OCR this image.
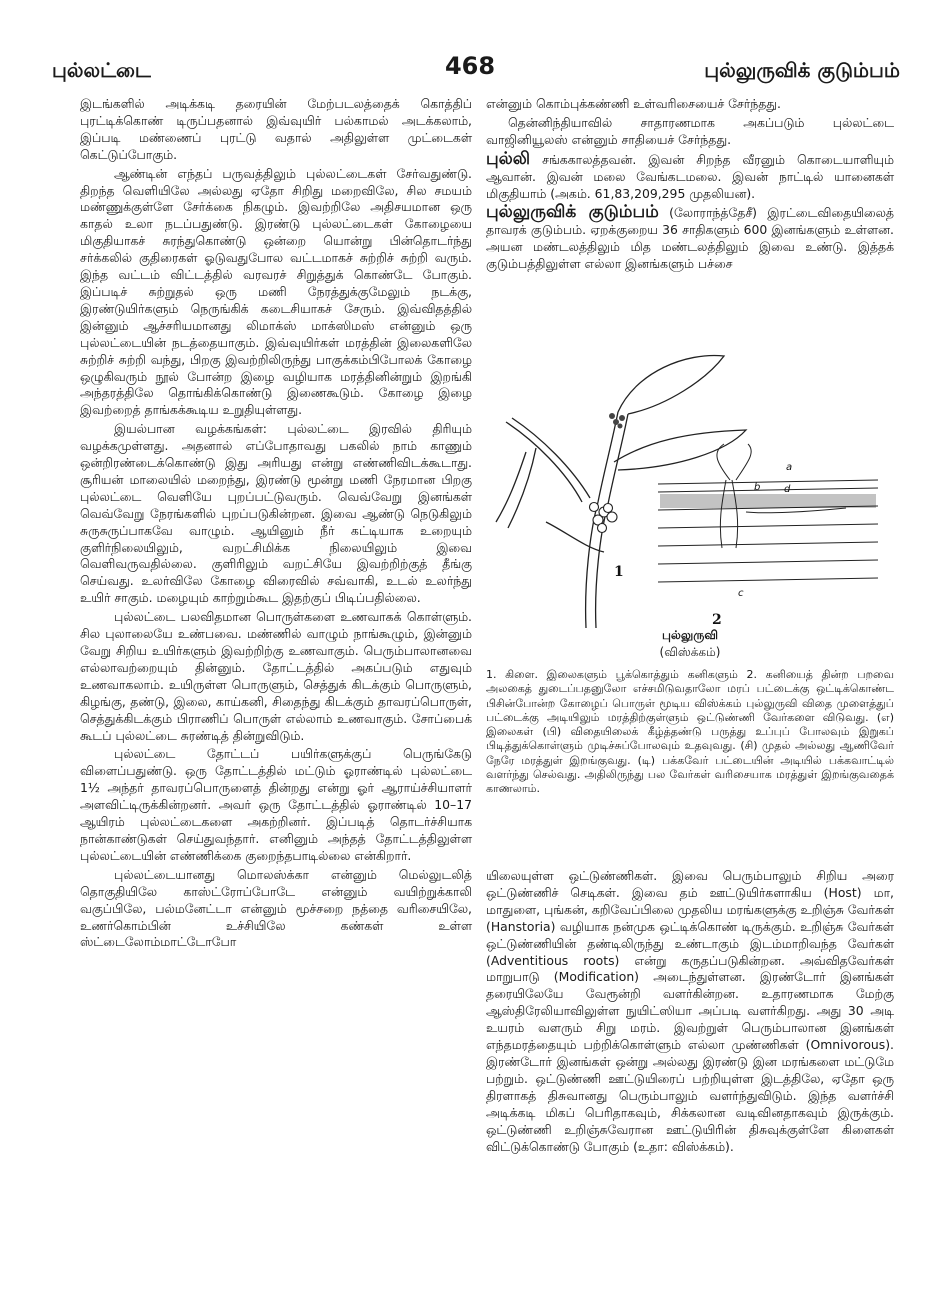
புல்லட்டை	468	புல்லுருவிக் குடும்பம்

இடங்களில் அடிக்கடி தரையின் மேற்படலத்தைக் கொத்திப் புரட்டிக்கொண் டிருப்பதனால் இவ்வுயிர் பல்காமல் அடக்கலாம், இப்படி மண்ணைப் புரட்டு வதால் அதிலுள்ள முட்டைகள் கெட்டுப்போகும்.

ஆண்டின் எந்தப் பருவத்திலும் புல்லட்டைகள் சேர்வதுண்டு. திறந்த வெளியிலே அல்லது ஏதோ சிறிது மறைவிலே, சில சமயம் மண்ணுக்குள்ளே சேர்க்கை நிகழும். இவற்றிலே அதிசயமான ஒரு காதல் உலா நடப்பதுண்டு. இரண்டு புல்லட்டைகள் கோழையை மிகுதியாகச் சுரந்துகொண்டு ஒன்றை யொன்று பின்தொடர்ந்து சர்க்கலில் குதிரைகள் ஓடுவதுபோல வட்டமாகச் சுற்றிச் சுற்றி வரும். இந்த வட்டம் விட்டத்தில் வரவரச் சிறுத்துக் கொண்டே போகும். இப்படிச் சுற்றுதல் ஒரு மணி நேரத்துக்குமேலும் நடக்கு, இரண்டுயிர்களும் நெருங்கிக் கடைசியாகச் சேரும். இவ்விதத்தில் இன்னும் ஆச்சரியமானது லிமாக்ஸ் மாக்ஸிமஸ் என்னும் ஒரு புல்லட்டையின் நடத்தையாகும். இவ்வுயிர்கள் மரத்தின் இலைகளிலே சுற்றிச் சுற்றி வந்து, பிறகு இவற்றிலிருந்து பாகுக்கம்பிபோலக் கோழை ஒழுகிவரும் நூல் போன்ற இழை வழியாக மரத்தினின்றும் இறங்கி அந்தரத்திலே தொங்கிக்கொண்டு இணைகூடும். கோழை இழை இவற்றைத் தாங்கக்கூடிய உறுதியுள்ளது.

இயல்பான வழக்கங்கள்: புல்லட்டை இரவில் திரியும் வழக்கமுள்ளது. அதனால் எப்போதாவது பகலில் நாம் காணும் ஒன்றிரண்டைக்கொண்டு இது அரியது என்று எண்ணிவிடக்கூடாது. சூரியன் மாலையில் மறைந்து, இரண்டு மூன்று மணி நேரமான பிறகு புல்லட்டை வெளியே புறப்பட்டுவரும். வெவ்வேறு இனங்கள் வெவ்வேறு நேரங்களில் புறப்படுகின்றன. இவை ஆண்டு நெடுகிலும் சுருசுருப்பாகவே வாழும். ஆயினும் நீர் கட்டியாக உறையும் குளிர்நிலையிலும், வறட்சிமிக்க நிலையிலும் இவை வெளிவருவதில்லை. குளிரிலும் வறட்சியே இவற்றிற்குத் தீங்கு செய்வது. உலர்விலே கோழை விரைவில் சவ்வாகி, உடல் உலர்ந்து உயிர் சாகும். மழையும் காற்றும்கூட இதற்குப் பிடிப்பதில்லை.

புல்லட்டை பலவிதமான பொருள்களை உணவாகக் கொள்ளும். சில புலாலையே உண்பவை. மண்ணில் வாழும் நாங்கூழும், இன்னும் வேறு சிறிய உயிர்களும் இவற்றிற்கு உணவாகும். பெரும்பாலானவை எல்லாவற்றையும் தின்னும். தோட்டத்தில் அகப்படும் எதுவும் உணவாகலாம். உயிருள்ள பொருளும், செத்துக் கிடக்கும் பொருளும், கிழங்கு, தண்டு, இலை, காய்கனி, சிதைந்து கிடக்கும் தாவரப்பொருள், செத்துக்கிடக்கும் பிராணிப் பொருள் எல்லாம் உணவாகும். சோப்பைக் கூடப் புல்லட்டை சுரண்டித் தின்றுவிடும்.

புல்லட்டை தோட்டப் பயிர்களுக்குப் பெருங்கேடு விளைப்பதுண்டு. ஒரு தோட்டத்தில் மட்டும் ஓராண்டில் புல்லட்டை 1½ அந்தர் தாவரப்பொருளைத் தின்றது என்று ஓர் ஆராய்ச்சியாளர் அளவிட்டிருக்கின்றனர். அவர் ஒரு தோட்டத்தில் ஓராண்டில் 10–17 ஆயிரம் புல்லட்டைகளை அகற்றினர். இப்படித் தொடர்ச்சியாக நான்காண்டுகள் செய்துவந்தார். எனினும் அந்தத் தோட்டத்திலுள்ள புல்லட்டையின் எண்ணிக்கை குறைந்தபாடில்லை என்கிறார்.

புல்லட்டையானது மொலஸ்க்கா என்னும் மெல்லுடலித் தொகுதியிலே காஸ்ட்ரோப்போடே என்னும் வயிற்றுக்காலி வகுப்பிலே, பல்மனேட்டா என்னும் மூச்சறை நத்தை வரிசையிலே, உணர்கொம்பின் உச்சியிலே கண்கள் உள்ள ஸ்ட்டைலோம்மாட்டோபோ

என்னும் கொம்புக்கண்ணி உள்வரிசையைச் சேர்ந்தது.

தென்னிந்தியாவில் சாதாரணமாக அகப்படும் புல்லட்டை வாஜினியூலஸ் என்னும் சாதியைச் சேர்ந்தது.

புல்லி சங்ககாலத்தவன். இவன் சிறந்த வீரனும் கொடையாளியும் ஆவான். இவன் மலை வேங்கடமலை. இவன் நாட்டில் யானைகள் மிகுதியாம் (அகம். 61,83,209,295 முதலியன).

புல்லுருவிக் குடும்பம் (லோராந்த்தேசீ) இரட்டைவிதையிலைத் தாவரக் குடும்பம். ஏறக்குறைய 36 சாதிகளும் 600 இனங்களும் உள்ளன. அயன மண்டலத்திலும் மித மண்டலத்திலும் இவை உண்டு. இத்தக் குடும்பத்திலுள்ள எல்லா இனங்களும் பச்சை

1
2
a
b d
c
புல்லுருவி
(விஸ்க்கம்)

1. கிளை. இலைகளும் பூக்கொத்தும் கனிகளும் 2. கனியைத் தின்ற பறவை அலகைத் துடைப்பதனுலோ எச்சமிடுவதாலோ மரப் பட்டைக்கு ஒட்டிக்கொண்ட பிசின்போன்ற கோழைப் பொருள் மூடிய விஸ்க்கம் புல்லுருவி விதை முளைத்துப் பட்டைக்கு அடியிலும் மரத்திற்குள்ளும் ஒட்டுண்ணி வேர்களை விடுவது. (எ) இலைகள் (பி) விதையிலைக் கீழ்த்தண்டு பருத்து உப்புப் போலவும் இறுகப் பிடித்துக்கொள்ளும் முடிச்சுப்போலவும் உதவுவது. (சி) முதல் அல்லது ஆணிவேர் நேரே மரத்துள் இறங்குவது. (டி) பக்கவேர் பட்டையின் அடியில் பக்கவாட்டில் வளர்ந்து செல்வது. அதிலிருந்து பல வேர்கள் வரிசையாக மரத்துள் இறங்குவதைக் காணலாம்.

யிலையுள்ள ஒட்டுண்ணிகள். இவை பெரும்பாலும் சிறிய அரை ஒட்டுண்ணிச் செடிகள். இவை தம் ஊட்டுயிர்களாகிய (Host) மா, மாதுளை, புங்கன், கறிவேப்பிலை முதலிய மரங்களுக்கு உறிஞ்சு வேர்கள் (Hanstoria) வழியாக நன்முக ஒட்டிக்கொண் டிருக்கும். உறிஞ்சு வேர்கள் ஒட்டுண்ணியின் தண்டிலிருந்து உண்டாகும் இடம்மாறிவந்த வேர்கள் (Adventitious roots) என்று கருதப்படுகின்றன. அவ்விதவேர்கள் மாறுபாடு (Modification) அடைந்துள்ளன. இரண்டோர் இனங்கள் தரையிலேயே வேரூன்றி வளர்கின்றன. உதாரணமாக மேற்கு ஆஸ்திரேலியாவிலுள்ள நுயிட்ஸியா அப்படி வளர்கிறது. அது 30 அடி உயரம் வளரும் சிறு மரம். இவற்றுள் பெரும்பாலான இனங்கள் எந்தமரத்தையும் பற்றிக்கொள்ளும் எல்லா முண்ணிகள் (Omnivorous). இரண்டோர் இனங்கள் ஒன்று அல்லது இரண்டு இன மரங்களை மட்டுமே பற்றும். ஒட்டுண்ணி ஊட்டுயிரைப் பற்றியுள்ள இடத்திலே, ஏதோ ஒரு திரளாகத் திசுவானது பெரும்பாலும் வளர்ந்துவிடும். இந்த வளர்ச்சி அடிக்கடி மிகப் பெரிதாகவும், சிக்கலான வடிவினதாகவும் இருக்கும். ஒட்டுண்ணி உறிஞ்சுவேரான ஊட்டுயிரின் திசுவுக்குள்ளே கிளைகள் விட்டுக்கொண்டு போகும் (உதா: விஸ்க்கம்).
